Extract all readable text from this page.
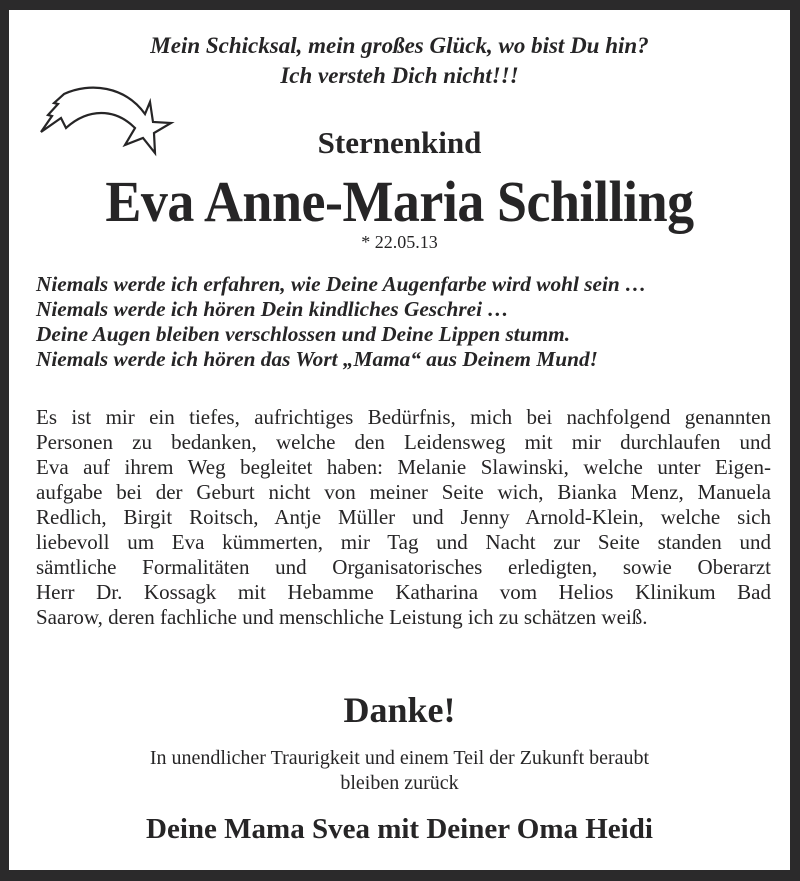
Mein Schicksal, mein großes Glück, wo bist Du hin?
Ich versteh Dich nicht!!!
Sternenkind
Eva Anne-Maria Schilling
* 22.05.13
Niemals werde ich erfahren, wie Deine Augenfarbe wird wohl sein …
Niemals werde ich hören Dein kindliches Geschrei …
Deine Augen bleiben verschlossen und Deine Lippen stumm.
Niemals werde ich hören das Wort „Mama“ aus Deinem Mund!
Es ist mir ein tiefes, aufrichtiges Bedürfnis, mich bei nachfolgend genannten
Personen zu bedanken, welche den Leidensweg mit mir durchlaufen und
Eva auf ihrem Weg begleitet haben: Melanie Slawinski, welche unter Eigen-
aufgabe bei der Geburt nicht von meiner Seite wich, Bianka Menz, Manuela
Redlich, Birgit Roitsch, Antje Müller und Jenny Arnold-Klein, welche sich
liebevoll um Eva kümmerten, mir Tag und Nacht zur Seite standen und
sämtliche Formalitäten und Organisatorisches erledigten, sowie Oberarzt
Herr Dr. Kossagk mit Hebamme Katharina vom Helios Klinikum Bad
Saarow, deren fachliche und menschliche Leistung ich zu schätzen weiß.
Danke!
In unendlicher Traurigkeit und einem Teil der Zukunft beraubt
bleiben zurück
Deine Mama Svea mit Deiner Oma Heidi
